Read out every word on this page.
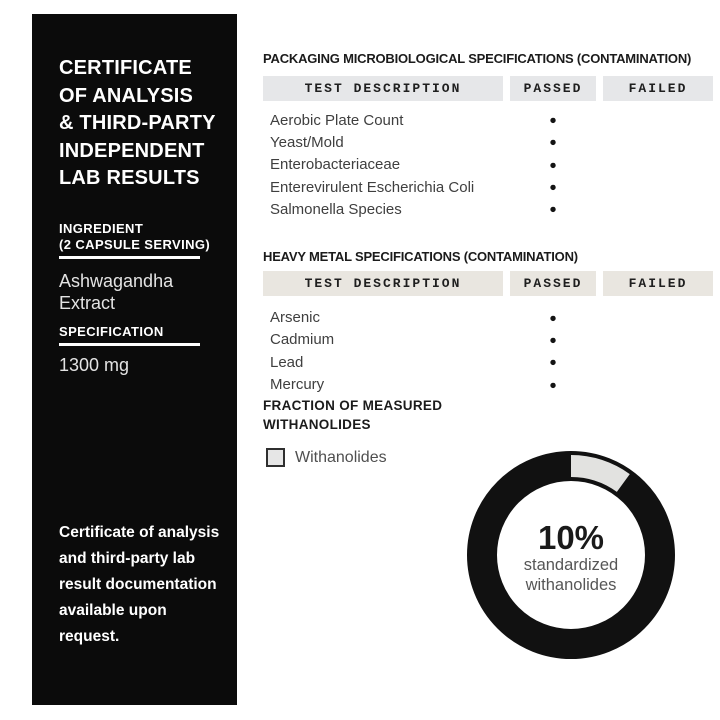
CERTIFICATE
OF ANALYSIS
& THIRD-PARTY
INDEPENDENT
LAB RESULTS
INGREDIENT
(2 CAPSULE SERVING)
Ashwagandha
Extract
SPECIFICATION
1300 mg
Certificate of analysis
and third-party lab
result documentation
available upon
request.
PACKAGING MICROBIOLOGICAL SPECIFICATIONS (CONTAMINATION)
TEST DESCRIPTION	PASSED	FAILED
Aerobic Plate Count	●
Yeast/Mold	●
Enterobacteriaceae	●
Enterevirulent Escherichia Coli	●
Salmonella Species	●
HEAVY METAL SPECIFICATIONS (CONTAMINATION)
TEST DESCRIPTION	PASSED	FAILED
Arsenic	●
Cadmium	●
Lead	●
Mercury	●
FRACTION OF MEASURED
WITHANOLIDES
Withanolides
10%
standardized
withanolides
